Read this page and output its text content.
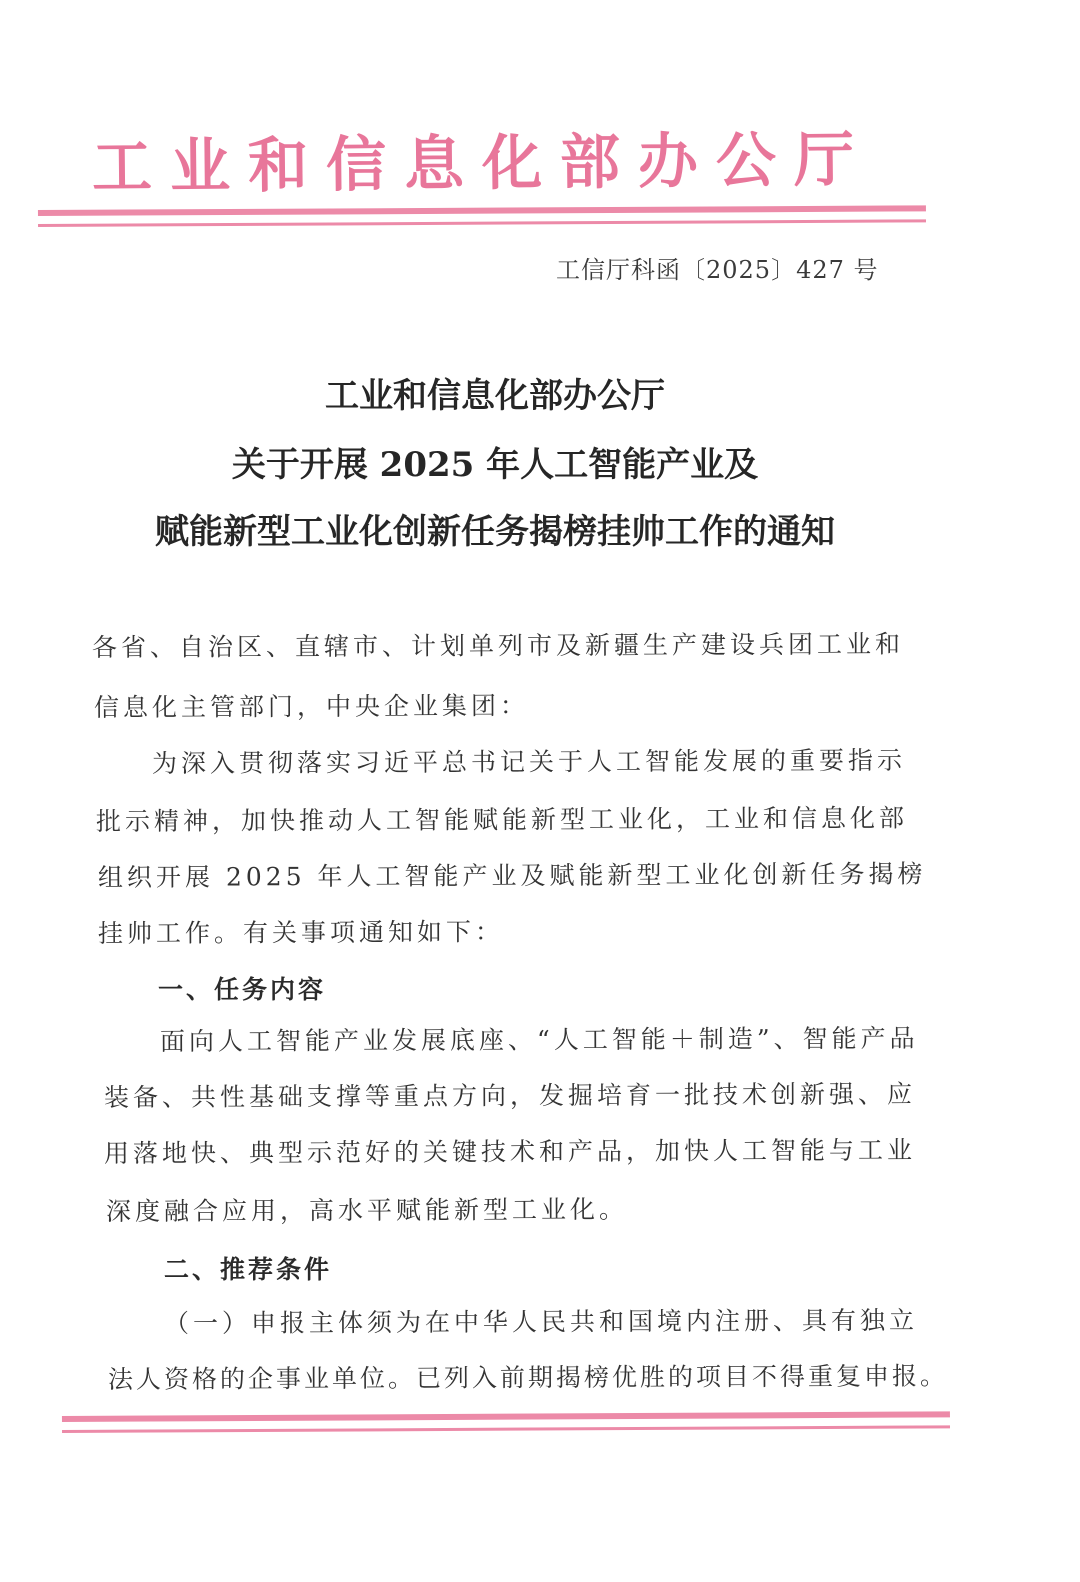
工业和信息化部办公厅
工信厅科函〔2025〕427 号
工业和信息化部办公厅
关于开展 2025 年人工智能产业及
赋能新型工业化创新任务揭榜挂帅工作的通知
各省、自治区、直辖市、计划单列市及新疆生产建设兵团工业和
信息化主管部门，中央企业集团：
为深入贯彻落实习近平总书记关于人工智能发展的重要指示
批示精神，加快推动人工智能赋能新型工业化，工业和信息化部
组织开展 2025 年人工智能产业及赋能新型工业化创新任务揭榜
挂帅工作。有关事项通知如下：
一、任务内容
面向人工智能产业发展底座、“人工智能＋制造”、智能产品
装备、共性基础支撑等重点方向，发掘培育一批技术创新强、应
用落地快、典型示范好的关键技术和产品，加快人工智能与工业
深度融合应用，高水平赋能新型工业化。
二、推荐条件
（一）申报主体须为在中华人民共和国境内注册、具有独立
法人资格的企事业单位。已列入前期揭榜优胜的项目不得重复申报。
